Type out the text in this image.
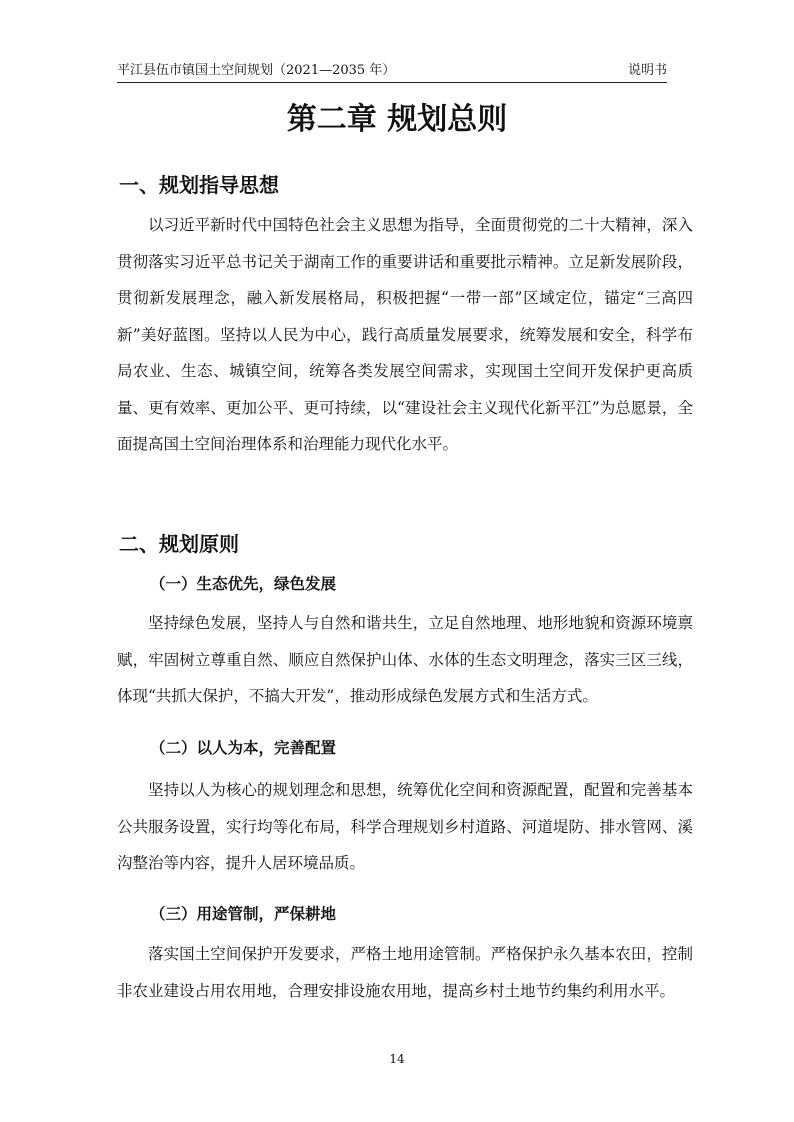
平江县伍市镇国土空间规划（2021—2035 年）	说明书
第二章 规划总则
一、规划指导思想

以习近平新时代中国特色社会主义思想为指导，全面贯彻党的二十大精神，深入贯彻落实习近平总书记关于湖南工作的重要讲话和重要批示精神。立足新发展阶段，贯彻新发展理念，融入新发展格局，积极把握“一带一部”区域定位，锚定“三高四新”美好蓝图。坚持以人民为中心，践行高质量发展要求，统筹发展和安全，科学布局农业、生态、城镇空间，统筹各类发展空间需求，实现国土空间开发保护更高质量、更有效率、更加公平、更可持续，以“建设社会主义现代化新平江”为总愿景，全面提高国土空间治理体系和治理能力现代化水平。

二、规划原则
（一）生态优先，绿色发展

坚持绿色发展，坚持人与自然和谐共生，立足自然地理、地形地貌和资源环境禀赋，牢固树立尊重自然、顺应自然保护山体、水体的生态文明理念，落实三区三线，体现“共抓大保护，不搞大开发”，推动形成绿色发展方式和生活方式。

（二）以人为本，完善配置

坚持以人为核心的规划理念和思想，统筹优化空间和资源配置，配置和完善基本公共服务设置，实行均等化布局，科学合理规划乡村道路、河道堤防、排水管网、溪沟整治等内容，提升人居环境品质。

（三）用途管制，严保耕地

落实国土空间保护开发要求，严格土地用途管制。严格保护永久基本农田，控制非农业建设占用农用地，合理安排设施农用地，提高乡村土地节约集约利用水平。

14
